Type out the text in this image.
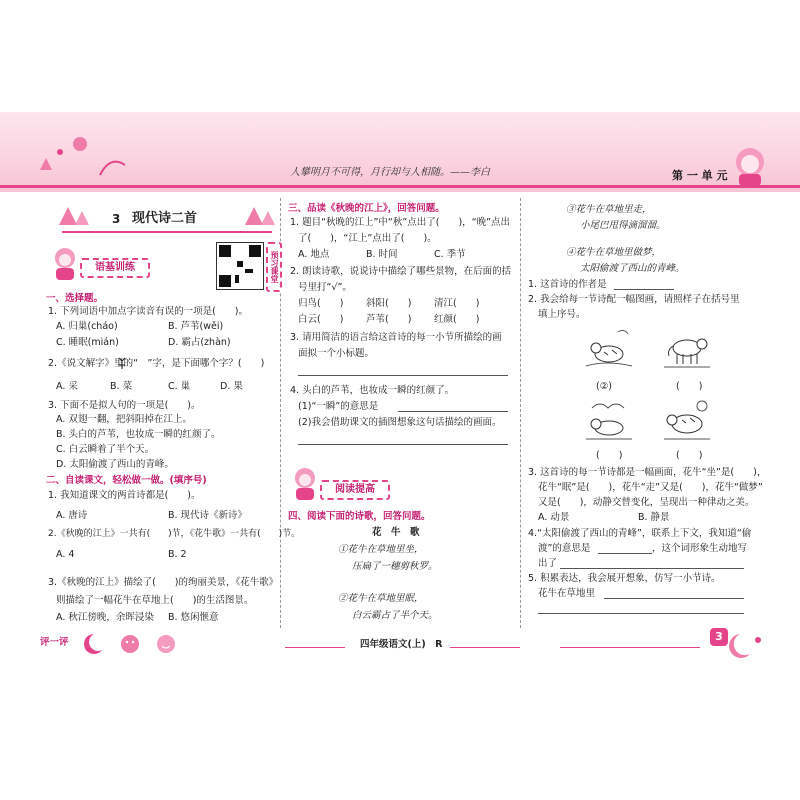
人攀明月不可得，月行却与人相随。——李白	第 一 单 元
3 现代诗二首
语基训练	预习课堂
一、选择题。
1. 下列词语中加点字读音有误的一项是(　　)。
A. 归巢(cháo)	B. 芦苇(wěi)
C. 睡眠(mián)	D. 霸占(zhàn)
2.《说文解字》里的“　”字，是下面哪个字？(　　)
A. 采	B. 菜	C. 巢	D. 果
3. 下面不是拟人句的一项是(　　)。
A. 双翅一翻，把斜阳掉在江上。
B. 头白的芦苇，也妆成一瞬的红颜了。
C. 白云瞬着了半个天。
D. 太阳偷渡了西山的青峰。
二、自读课文，轻松做一做。(填序号)
1. 我知道课文的两首诗都是(　　)。
A. 唐诗	B. 现代诗《新诗》
2.《秋晚的江上》一共有(　　)节，《花牛歌》一共有(　　)节。
A. 4	B. 2
3.《秋晚的江上》描绘了(　　)的绚丽美景，《花牛歌》
则描绘了一幅花牛在草地上(　　)的生活图景。
A. 秋江傍晚，余晖浸染 B. 悠闲惬意
三、品读《秋晚的江上》，回答问题。
1. 题目“秋晚的江上”中“秋”点出了(　　)，“晚”点出
了(　　)，“江上”点出了(　　)。
A. 地点	B. 时间	C. 季节
2. 朗读诗歌，说说诗中描绘了哪些景物，在后面的括
号里打“√”。
归鸟(　　) 斜阳(　　) 清江(　　)
白云(　　) 芦苇(　　) 红颜(　　)
3. 请用简洁的语言给这首诗的每一小节所描绘的画
面拟一个小标题。
4. 头白的芦苇，也妆成一瞬的红颜了。
(1)“一瞬”的意思是
(2)我会借助课文的插图想象这句话描绘的画面。
阅读提高
四、阅读下面的诗歌，回答问题。
花　牛　歌
①花牛在草地里坐，
压扁了一穗剪秋罗。
②花牛在草地里眠，
白云霸占了半个天。
③花牛在草地里走，
小尾巴甩得滴溜溜。
④花牛在草地里做梦，
太阳偷渡了西山的青峰。
1. 这首诗的作者是
2. 我会给每一节诗配一幅图画，请照样子在括号里
填上序号。
(②)	(　　)
(　　)	(　　)
3. 这首诗的每一节诗都是一幅画面，花牛“坐”是(　　)，
花牛“眠”是(　　)，花牛“走”又是(　　)，花牛“做梦”
又是(　　)，动静交替变化，呈现出一种律动之美。
A. 动景	B. 静景
4.“太阳偷渡了西山的青峰”，联系上下文，我知道“偷
渡”的意思是	，这个词形象生动地写
出了
5. 积累表达，我会展开想象，仿写一小节诗。
花牛在草地里
评一评	四年级语文(上)　R
3
